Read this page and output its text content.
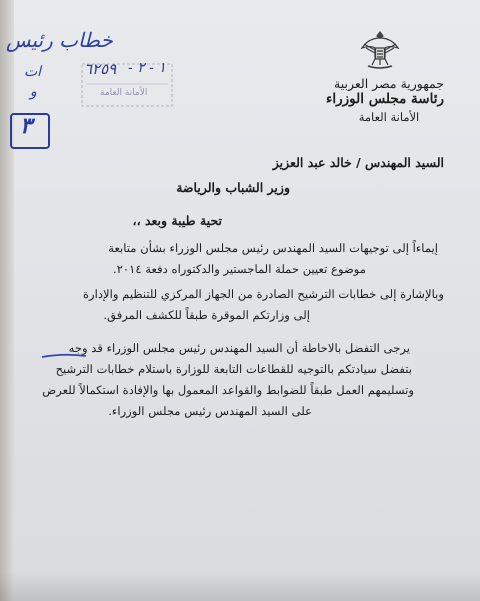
جمهورية مصر العربية
رئاسة مجلس الوزراء
الأمانة العامة
٦٢٥٩ ١ - ٢ -
الأمانة العامة
خطاب رئيس
ات
و
٣
السيد المهندس / خالد عبد العزيز
وزير الشباب والرياضة
تحية طيبة وبعد ،،
إيماءاً إلى توجيهات السيد المهندس رئيس مجلس الوزراء بشأن متابعة
موضوع تعيين حملة الماجستير والدكتوراه دفعة ٢٠١٤.
وبالإشارة إلى خطابات الترشيح الصادرة من الجهاز المركزي للتنظيم والإدارة
إلى وزارتكم الموقرة طبقاً للكشف المرفق.
يرجى التفضل بالاحاطة أن السيد المهندس رئيس مجلس الوزراء قد وجه
بتفضل سيادتكم بالتوجيه للقطاعات التابعة للوزارة باستلام خطابات الترشيح
وتسليمهم العمل طبقاً للضوابط والقواعد المعمول بها والإفادة استكمالاً للعرض
على السيد المهندس رئيس مجلس الوزراء.
